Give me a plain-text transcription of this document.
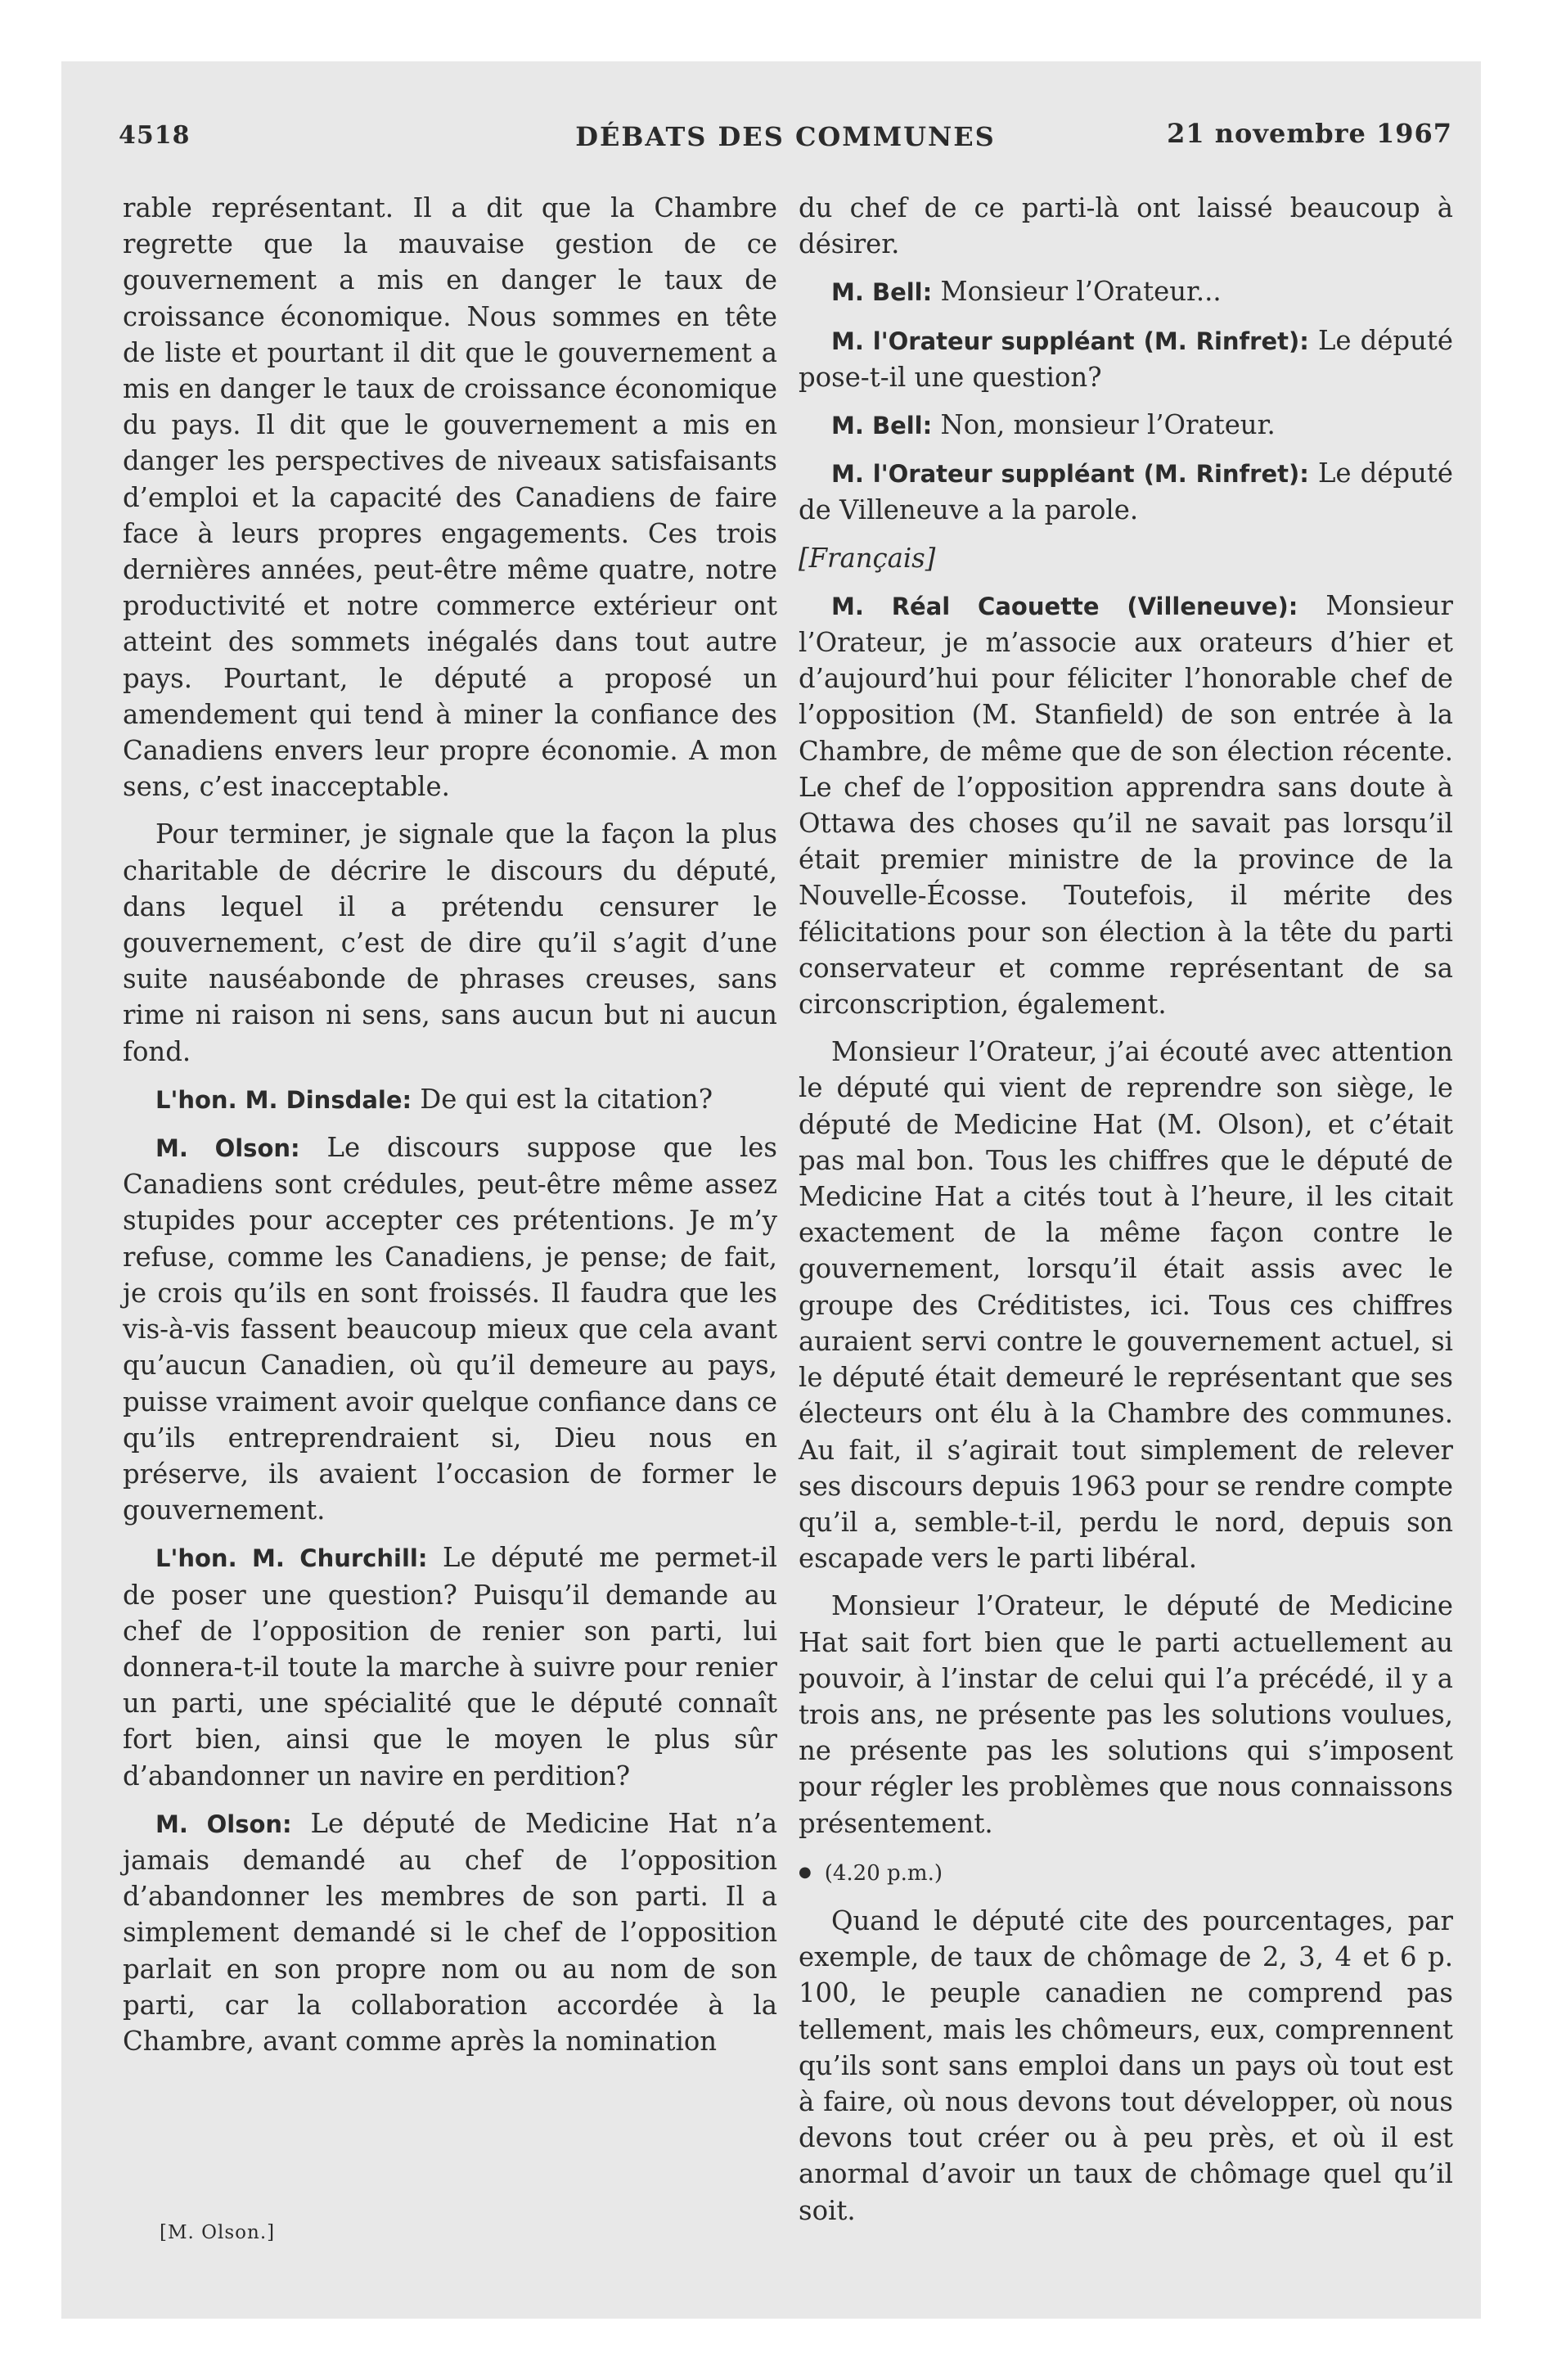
4518	DÉBATS DES COMMUNES	21 novembre 1967

rable représentant. Il a dit que la Chambre regrette que la mauvaise gestion de ce gouvernement a mis en danger le taux de croissance économique. Nous sommes en tête de liste et pourtant il dit que le gouvernement a mis en danger le taux de croissance économique du pays. Il dit que le gouvernement a mis en danger les perspectives de niveaux satisfaisants d’emploi et la capacité des Canadiens de faire face à leurs propres engagements. Ces trois dernières années, peut-être même quatre, notre productivité et notre commerce extérieur ont atteint des sommets inégalés dans tout autre pays. Pourtant, le député a proposé un amendement qui tend à miner la confiance des Canadiens envers leur propre économie. A mon sens, c’est inacceptable.

Pour terminer, je signale que la façon la plus charitable de décrire le discours du député, dans lequel il a prétendu censurer le gouvernement, c’est de dire qu’il s’agit d’une suite nauséabonde de phrases creuses, sans rime ni raison ni sens, sans aucun but ni aucun fond.

L'hon. M. Dinsdale: De qui est la citation?

M. Olson: Le discours suppose que les Canadiens sont crédules, peut-être même assez stupides pour accepter ces prétentions. Je m’y refuse, comme les Canadiens, je pense; de fait, je crois qu’ils en sont froissés. Il faudra que les vis-à-vis fassent beaucoup mieux que cela avant qu’aucun Canadien, où qu’il demeure au pays, puisse vraiment avoir quelque confiance dans ce qu’ils entreprendraient si, Dieu nous en préserve, ils avaient l’occasion de former le gouvernement.

L'hon. M. Churchill: Le député me permet-il de poser une question? Puisqu’il demande au chef de l’opposition de renier son parti, lui donnera-t-il toute la marche à suivre pour renier un parti, une spécialité que le député connaît fort bien, ainsi que le moyen le plus sûr d’abandonner un navire en perdition?

M. Olson: Le député de Medicine Hat n’a jamais demandé au chef de l’opposition d’abandonner les membres de son parti. Il a simplement demandé si le chef de l’opposition parlait en son propre nom ou au nom de son parti, car la collaboration accordée à la Chambre, avant comme après la nomination

[M. Olson.]

du chef de ce parti-là ont laissé beaucoup à désirer.

M. Bell: Monsieur l’Orateur...

M. l'Orateur suppléant (M. Rinfret): Le député pose-t-il une question?

M. Bell: Non, monsieur l’Orateur.

M. l'Orateur suppléant (M. Rinfret): Le député de Villeneuve a la parole.

[Français]

M. Réal Caouette (Villeneuve): Monsieur l’Orateur, je m’associe aux orateurs d’hier et d’aujourd’hui pour féliciter l’honorable chef de l’opposition (M. Stanfield) de son entrée à la Chambre, de même que de son élection récente. Le chef de l’opposition apprendra sans doute à Ottawa des choses qu’il ne savait pas lorsqu’il était premier ministre de la province de la Nouvelle-Écosse. Toutefois, il mérite des félicitations pour son élection à la tête du parti conservateur et comme représentant de sa circonscription, également.

Monsieur l’Orateur, j’ai écouté avec attention le député qui vient de reprendre son siège, le député de Medicine Hat (M. Olson), et c’était pas mal bon. Tous les chiffres que le député de Medicine Hat a cités tout à l’heure, il les citait exactement de la même façon contre le gouvernement, lorsqu’il était assis avec le groupe des Créditistes, ici. Tous ces chiffres auraient servi contre le gouvernement actuel, si le député était demeuré le représentant que ses électeurs ont élu à la Chambre des communes. Au fait, il s’agirait tout simplement de relever ses discours depuis 1963 pour se rendre compte qu’il a, semble-t-il, perdu le nord, depuis son escapade vers le parti libéral.

Monsieur l’Orateur, le député de Medicine Hat sait fort bien que le parti actuellement au pouvoir, à l’instar de celui qui l’a précédé, il y a trois ans, ne présente pas les solutions voulues, ne présente pas les solutions qui s’imposent pour régler les problèmes que nous connaissons présentement.

● (4.20 p.m.)

Quand le député cite des pourcentages, par exemple, de taux de chômage de 2, 3, 4 et 6 p. 100, le peuple canadien ne comprend pas tellement, mais les chômeurs, eux, comprennent qu’ils sont sans emploi dans un pays où tout est à faire, où nous devons tout développer, où nous devons tout créer ou à peu près, et où il est anormal d’avoir un taux de chômage quel qu’il soit.
